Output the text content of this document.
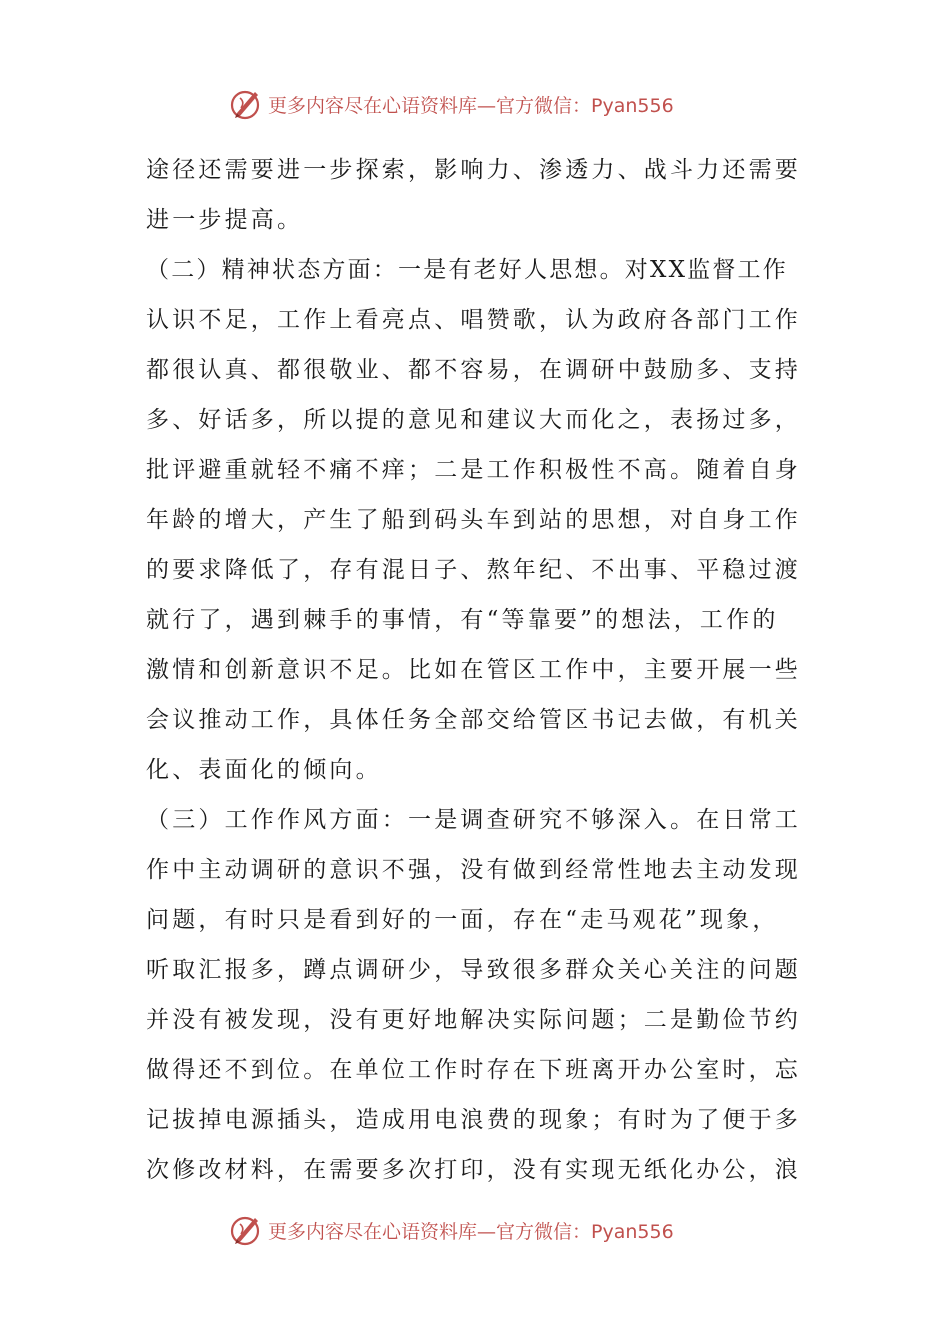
更多内容尽在心语资料库—官方微信：Pyan556
途径还需要进一步探索，影响力、渗透力、战斗力还需要
进一步提高。
（二）精神状态方面：一是有老好人思想。对XX监督工作
认识不足，工作上看亮点、唱赞歌，认为政府各部门工作
都很认真、都很敬业、都不容易，在调研中鼓励多、支持
多、好话多，所以提的意见和建议大而化之，表扬过多，
批评避重就轻不痛不痒；二是工作积极性不高。随着自身
年龄的增大，产生了船到码头车到站的思想，对自身工作
的要求降低了，存有混日子、熬年纪、不出事、平稳过渡
就行了，遇到棘手的事情，有“等靠要”的想法，工作的
激情和创新意识不足。比如在管区工作中，主要开展一些
会议推动工作，具体任务全部交给管区书记去做，有机关
化、表面化的倾向。
（三）工作作风方面：一是调查研究不够深入。在日常工
作中主动调研的意识不强，没有做到经常性地去主动发现
问题，有时只是看到好的一面，存在“走马观花”现象，
听取汇报多，蹲点调研少，导致很多群众关心关注的问题
并没有被发现，没有更好地解决实际问题；二是勤俭节约
做得还不到位。在单位工作时存在下班离开办公室时，忘
记拔掉电源插头，造成用电浪费的现象；有时为了便于多
次修改材料，在需要多次打印，没有实现无纸化办公，浪
更多内容尽在心语资料库—官方微信：Pyan556
